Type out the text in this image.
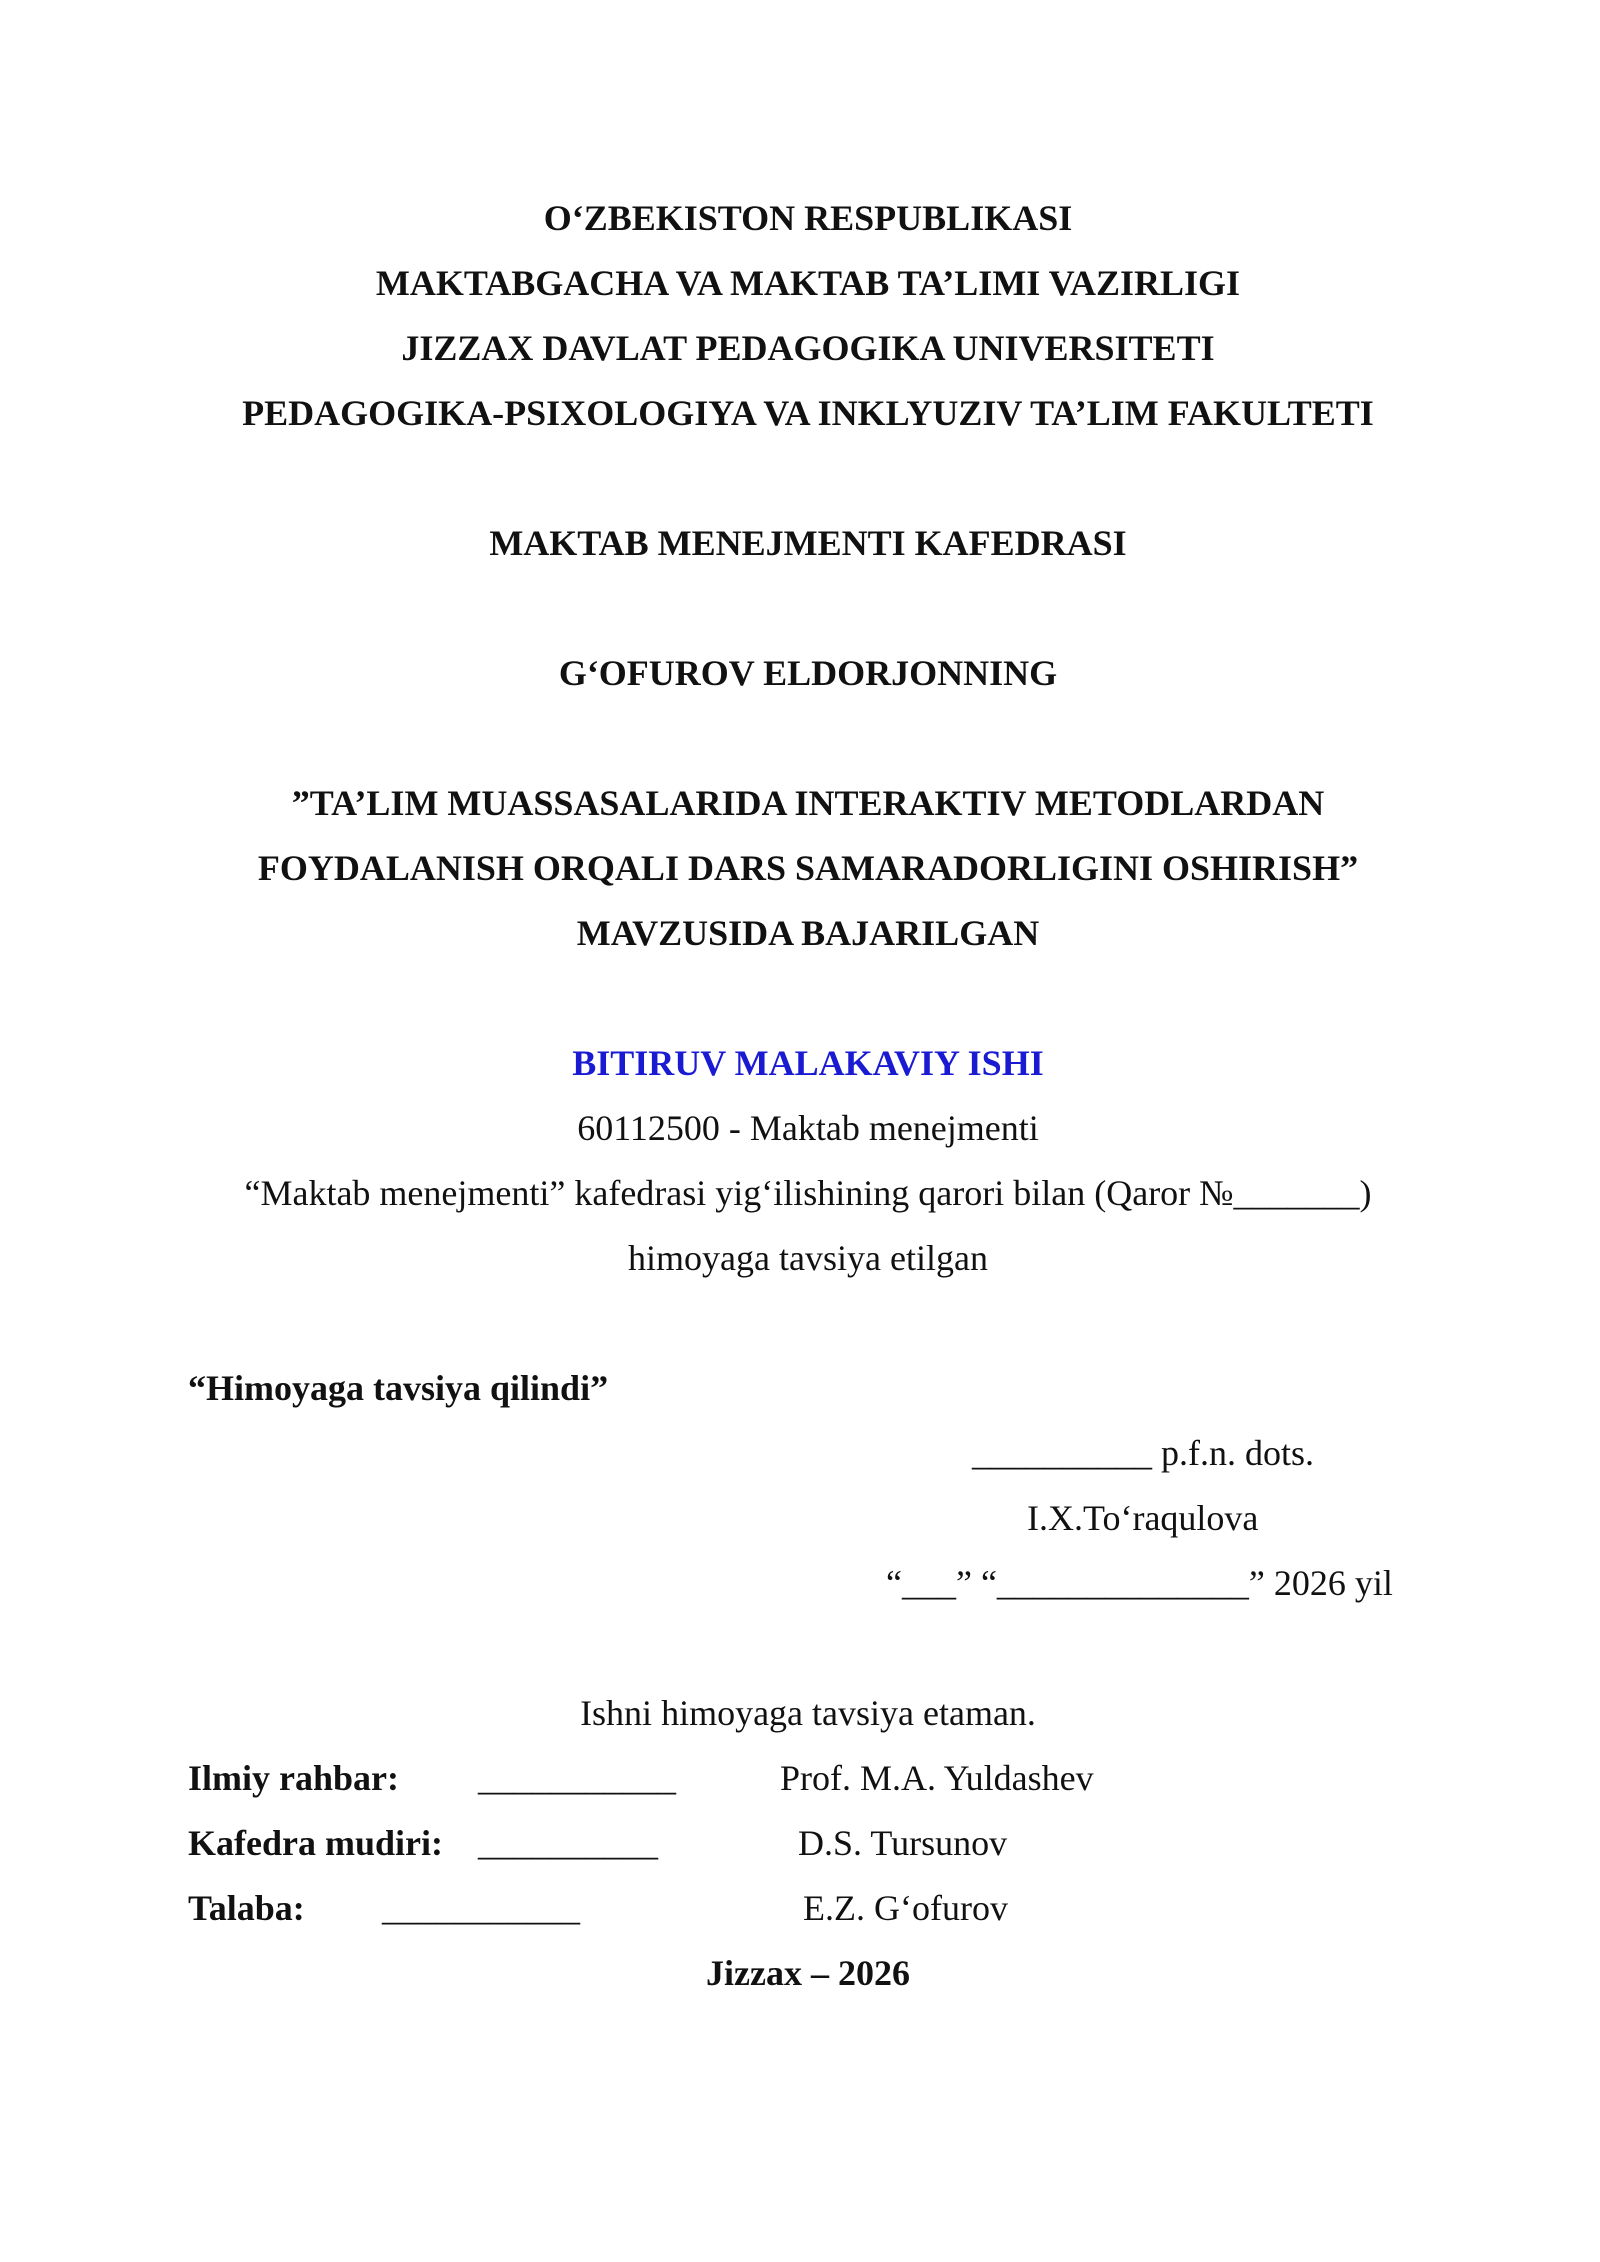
O‘ZBEKISTON RESPUBLIKASI
MAKTABGACHA VA MAKTAB TA’LIMI VAZIRLIGI
JIZZAX DAVLAT PEDAGOGIKA UNIVERSITETI
PEDAGOGIKA-PSIXOLOGIYA VA INKLYUZIV TA’LIM FAKULTETI
MAKTAB MENEJMENTI KAFEDRASI
G‘OFUROV ELDORJONNING
”TA’LIM MUASSASALARIDA INTERAKTIV METODLARDAN
FOYDALANISH ORQALI DARS SAMARADORLIGINI OSHIRISH”
MAVZUSIDA BAJARILGAN
BITIRUV MALAKAVIY ISHI
60112500 - Maktab menejmenti
“Maktab menejmenti” kafedrasi yig‘ilishining qarori bilan (Qaror №_______)
himoyaga tavsiya etilgan
“Himoyaga tavsiya qilindi”
__________ p.f.n. dots.
I.X.To‘raqulova
“___” “______________” 2026 yil
Ishni himoyaga tavsiya etaman.
Ilmiy rahbar: ___________	Prof. M.A. Yuldashev
Kafedra mudiri: __________	D.S. Tursunov
Talaba: ___________	E.Z. G‘ofurov
Jizzax – 2026
